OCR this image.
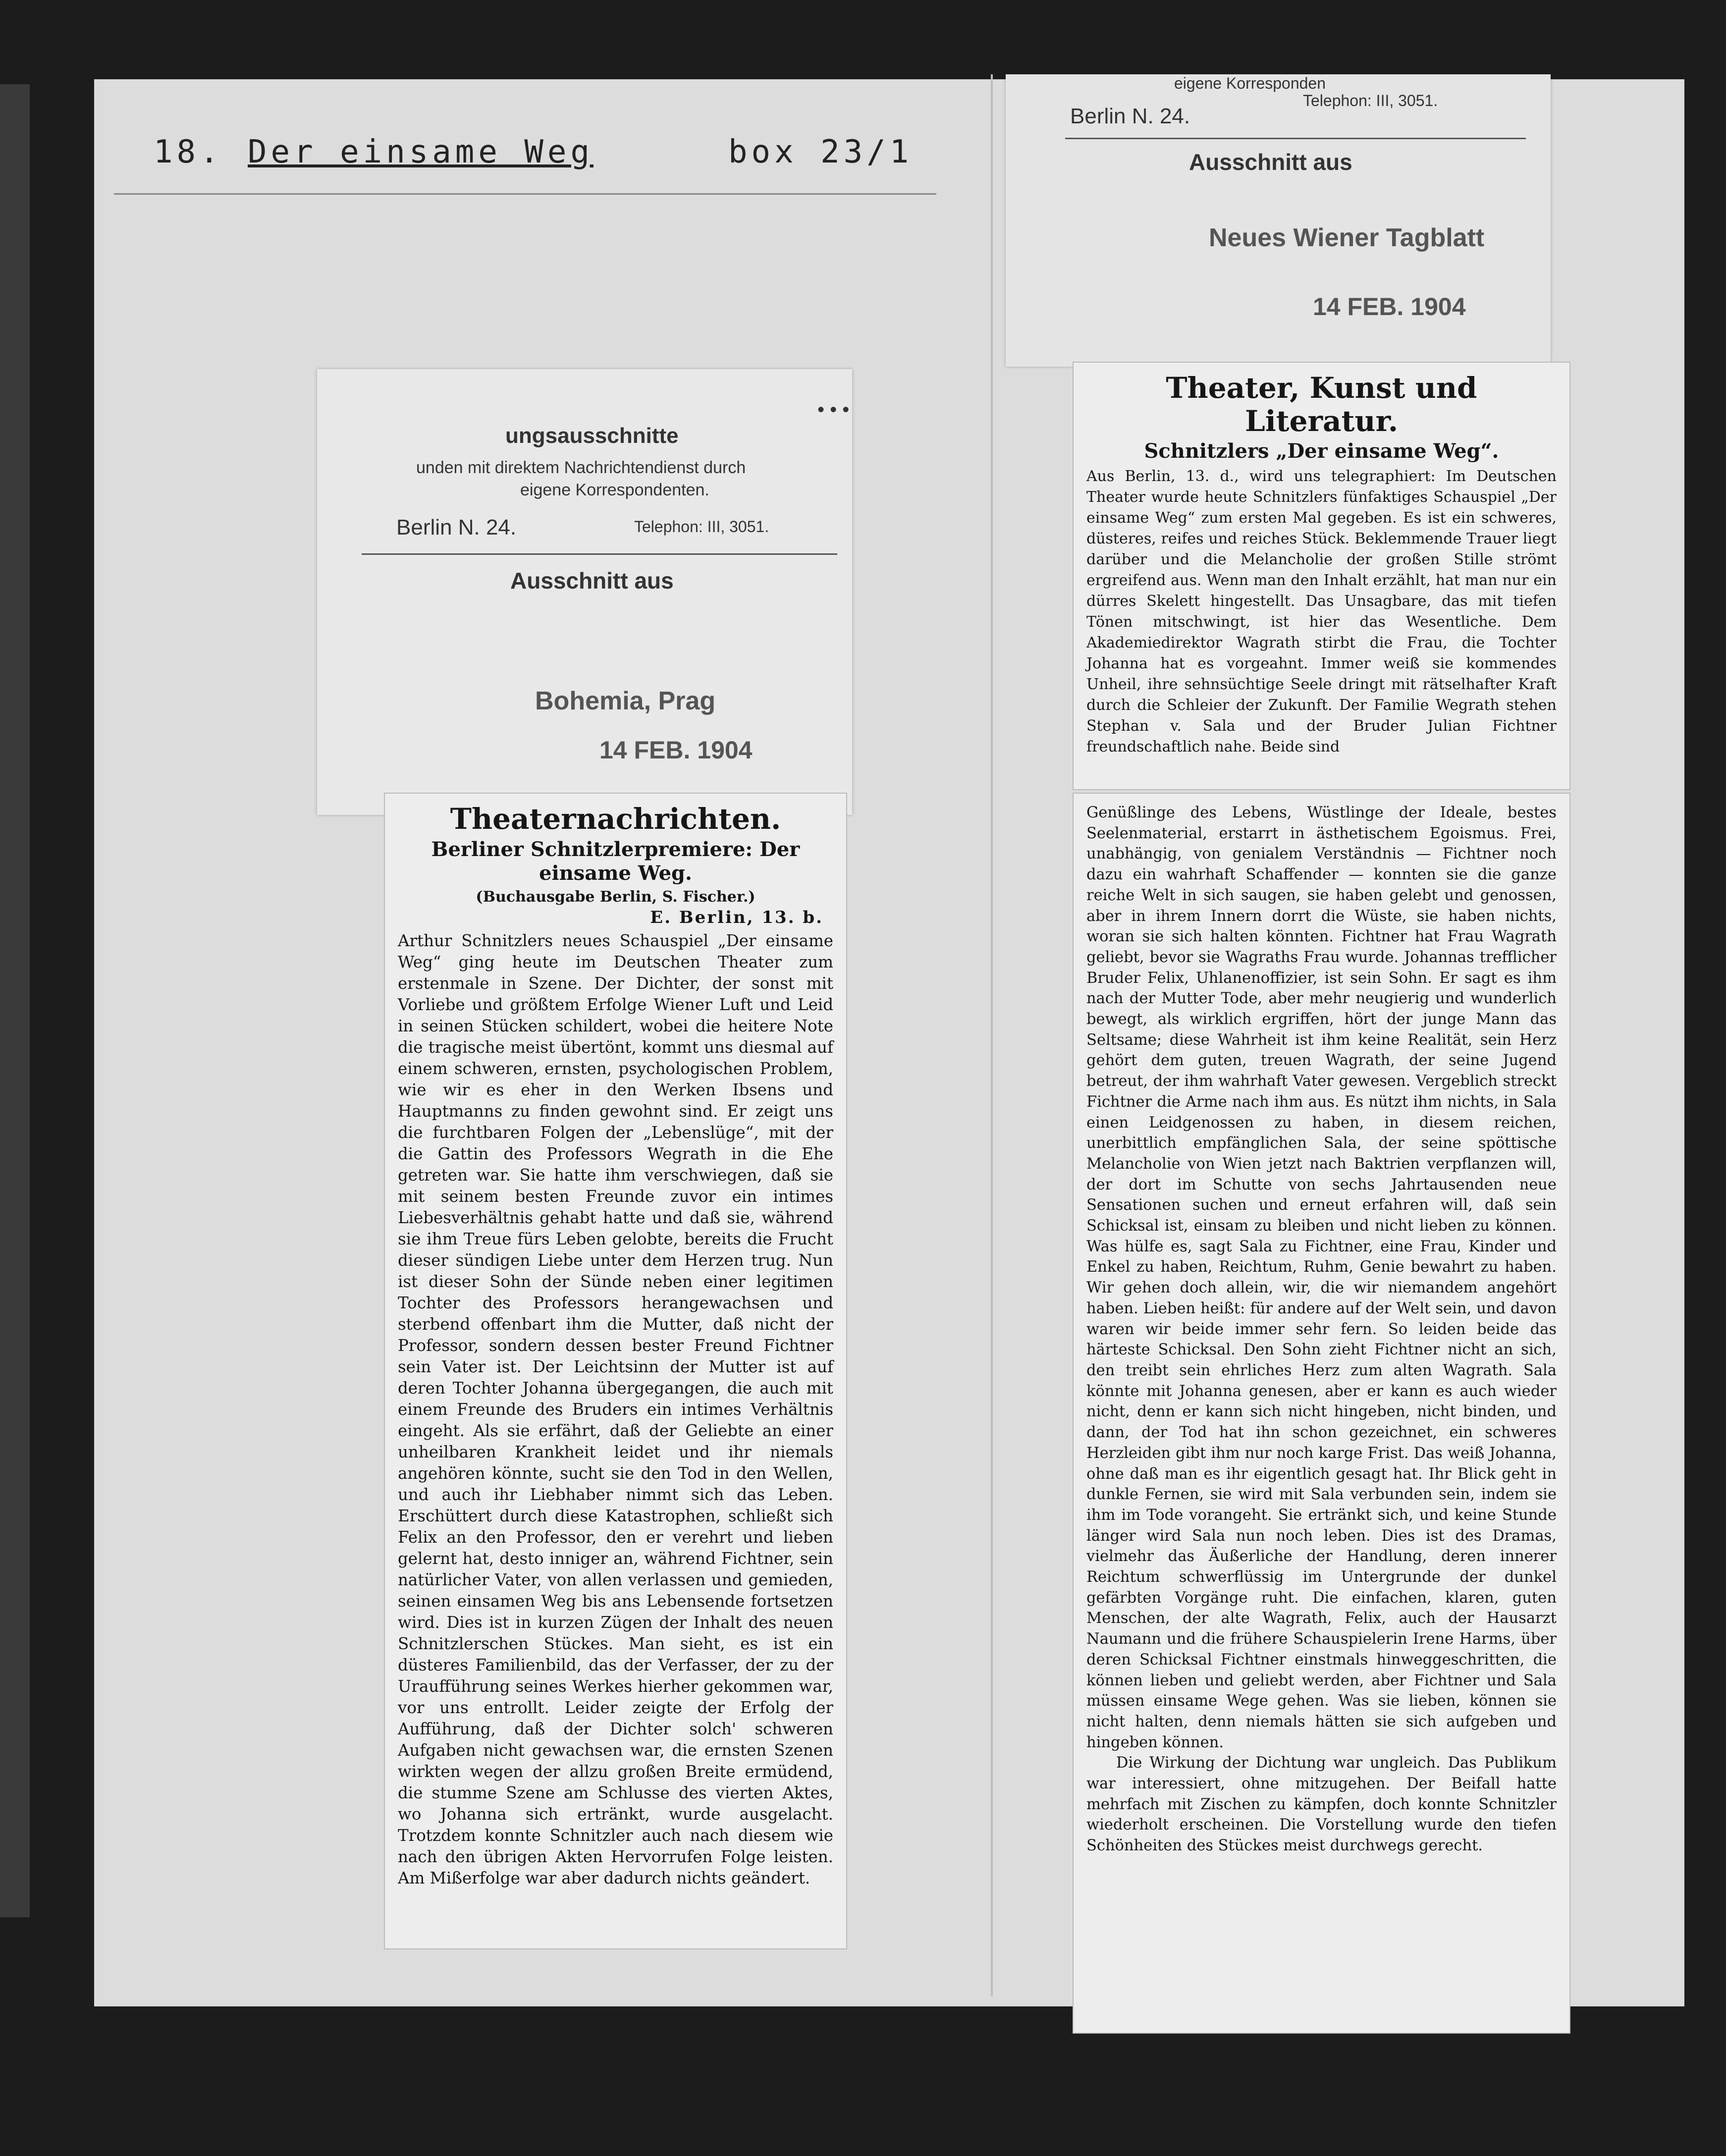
18. Der einsame Weg	box 23/1
• • •
ungsausschnitte
unden mit direktem Nachrichtendienst durch
eigene Korrespondenten.
Berlin N. 24.	Telephon: III, 3051.
Ausschnitt aus
Bohemia, Prag
14 FEB. 1904
eigene Korresponden
Berlin N. 24.
Telephon: III, 3051.
Ausschnitt aus
Neues Wiener Tagblatt
14 FEB. 1904
Theaternachrichten.
Berliner Schnitzlerpremiere: Der einsame Weg.
(Buchausgabe Berlin, S. Fischer.)
E. Berlin, 13. b.

Arthur Schnitzlers neues Schauspiel „Der einsame Weg“ ging heute im Deutschen Theater zum erstenmale in Szene. Der Dichter, der sonst mit Vorliebe und größtem Erfolge Wiener Luft und Leid in seinen Stücken schildert, wobei die heitere Note die tragische meist übertönt, kommt uns diesmal auf einem schweren, ernsten, psychologischen Problem, wie wir es eher in den Werken Ibsens und Hauptmanns zu finden gewohnt sind. Er zeigt uns die furchtbaren Folgen der „Lebenslüge“, mit der die Gattin des Professors Wegrath in die Ehe getreten war. Sie hatte ihm verschwiegen, daß sie mit seinem besten Freunde zuvor ein intimes Liebesverhältnis gehabt hatte und daß sie, während sie ihm Treue fürs Leben gelobte, bereits die Frucht dieser sündigen Liebe unter dem Herzen trug. Nun ist dieser Sohn der Sünde neben einer legitimen Tochter des Professors herangewachsen und sterbend offenbart ihm die Mutter, daß nicht der Professor, sondern dessen bester Freund Fichtner sein Vater ist. Der Leichtsinn der Mutter ist auf deren Tochter Johanna übergegangen, die auch mit einem Freunde des Bruders ein intimes Verhältnis eingeht. Als sie erfährt, daß der Geliebte an einer unheilbaren Krankheit leidet und ihr niemals angehören könnte, sucht sie den Tod in den Wellen, und auch ihr Liebhaber nimmt sich das Leben. Erschüttert durch diese Katastrophen, schließt sich Felix an den Professor, den er verehrt und lieben gelernt hat, desto inniger an, während Fichtner, sein natürlicher Vater, von allen verlassen und gemieden, seinen einsamen Weg bis ans Lebensende fortsetzen wird. Dies ist in kurzen Zügen der Inhalt des neuen Schnitzlerschen Stückes. Man sieht, es ist ein düsteres Familienbild, das der Verfasser, der zu der Uraufführung seines Werkes hierher gekommen war, vor uns entrollt. Leider zeigte der Erfolg der Aufführung, daß der Dichter solch' schweren Aufgaben nicht gewachsen war, die ernsten Szenen wirkten wegen der allzu großen Breite ermüdend, die stumme Szene am Schlusse des vierten Aktes, wo Johanna sich ertränkt, wurde ausgelacht. Trotzdem konnte Schnitzler auch nach diesem wie nach den übrigen Akten Hervorrufen Folge leisten. Am Mißerfolge war aber dadurch nichts geändert.

Theater, Kunst und Literatur.
Schnitzlers „Der einsame Weg“.

Aus Berlin, 13. d., wird uns telegraphiert: Im Deutschen Theater wurde heute Schnitzlers fünfaktiges Schauspiel „Der einsame Weg“ zum ersten Mal gegeben. Es ist ein schweres, düsteres, reifes und reiches Stück. Beklemmende Trauer liegt darüber und die Melancholie der großen Stille strömt ergreifend aus. Wenn man den Inhalt erzählt, hat man nur ein dürres Skelett hingestellt. Das Unsagbare, das mit tiefen Tönen mitschwingt, ist hier das Wesentliche. Dem Akademiedirektor Wagrath stirbt die Frau, die Tochter Johanna hat es vorgeahnt. Immer weiß sie kommendes Unheil, ihre sehnsüchtige Seele dringt mit rätselhafter Kraft durch die Schleier der Zukunft. Der Familie Wegrath stehen Stephan v. Sala und der Bruder Julian Fichtner freundschaftlich nahe. Beide sind

Genüßlinge des Lebens, Wüstlinge der Ideale, bestes Seelenmaterial, erstarrt in ästhetischem Egoismus. Frei, unabhängig, von genialem Verständnis — Fichtner noch dazu ein wahrhaft Schaffender — konnten sie die ganze reiche Welt in sich saugen, sie haben gelebt und genossen, aber in ihrem Innern dorrt die Wüste, sie haben nichts, woran sie sich halten könnten. Fichtner hat Frau Wagrath geliebt, bevor sie Wagraths Frau wurde. Johannas trefflicher Bruder Felix, Uhlanenoffizier, ist sein Sohn. Er sagt es ihm nach der Mutter Tode, aber mehr neugierig und wunderlich bewegt, als wirklich ergriffen, hört der junge Mann das Seltsame; diese Wahrheit ist ihm keine Realität, sein Herz gehört dem guten, treuen Wagrath, der seine Jugend betreut, der ihm wahrhaft Vater gewesen. Vergeblich streckt Fichtner die Arme nach ihm aus. Es nützt ihm nichts, in Sala einen Leidgenossen zu haben, in diesem reichen, unerbittlich empfänglichen Sala, der seine spöttische Melancholie von Wien jetzt nach Baktrien verpflanzen will, der dort im Schutte von sechs Jahrtausenden neue Sensationen suchen und erneut erfahren will, daß sein Schicksal ist, einsam zu bleiben und nicht lieben zu können. Was hülfe es, sagt Sala zu Fichtner, eine Frau, Kinder und Enkel zu haben, Reichtum, Ruhm, Genie bewahrt zu haben. Wir gehen doch allein, wir, die wir niemandem angehört haben. Lieben heißt: für andere auf der Welt sein, und davon waren wir beide immer sehr fern. So leiden beide das härteste Schicksal. Den Sohn zieht Fichtner nicht an sich, den treibt sein ehrliches Herz zum alten Wagrath. Sala könnte mit Johanna genesen, aber er kann es auch wieder nicht, denn er kann sich nicht hingeben, nicht binden, und dann, der Tod hat ihn schon gezeichnet, ein schweres Herzleiden gibt ihm nur noch karge Frist. Das weiß Johanna, ohne daß man es ihr eigentlich gesagt hat. Ihr Blick geht in dunkle Fernen, sie wird mit Sala verbunden sein, indem sie ihm im Tode vorangeht. Sie ertränkt sich, und keine Stunde länger wird Sala nun noch leben. Dies ist des Dramas, vielmehr das Äußerliche der Handlung, deren innerer Reichtum schwerflüssig im Untergrunde der dunkel gefärbten Vorgänge ruht. Die einfachen, klaren, guten Menschen, der alte Wagrath, Felix, auch der Hausarzt Naumann und die frühere Schauspielerin Irene Harms, über deren Schicksal Fichtner einstmals hinweggeschritten, die können lieben und geliebt werden, aber Fichtner und Sala müssen einsame Wege gehen. Was sie lieben, können sie nicht halten, denn niemals hätten sie sich aufgeben und hingeben können.

Die Wirkung der Dichtung war ungleich. Das Publikum war interessiert, ohne mitzugehen. Der Beifall hatte mehrfach mit Zischen zu kämpfen, doch konnte Schnitzler wiederholt erscheinen. Die Vorstellung wurde den tiefen Schönheiten des Stückes meist durchwegs gerecht.
